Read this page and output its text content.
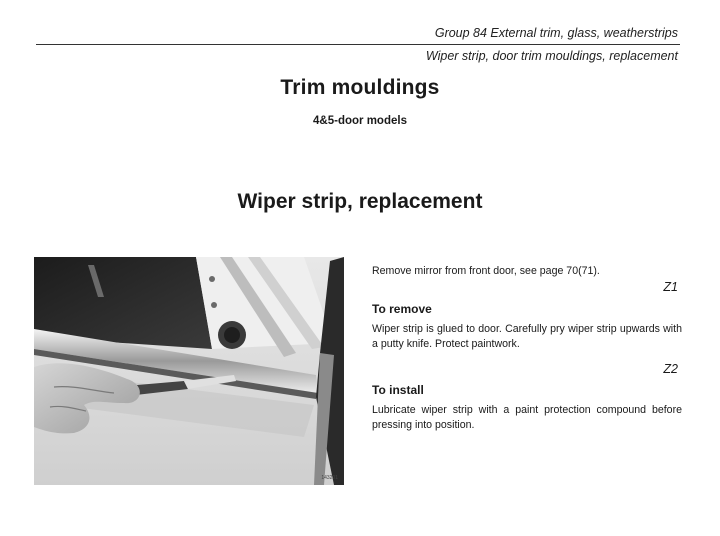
Group 84 External trim, glass, weatherstrips
Wiper strip, door trim mouldings, replacement
Trim mouldings
4&5-door models
Wiper strip, replacement
143201
Remove mirror from front door, see page 70(71).
Z1
To remove
Wiper strip is glued to door. Carefully pry wiper strip upwards with a putty knife. Protect paintwork.
Z2
To install
Lubricate wiper strip with a paint protection compound before pressing into position.
